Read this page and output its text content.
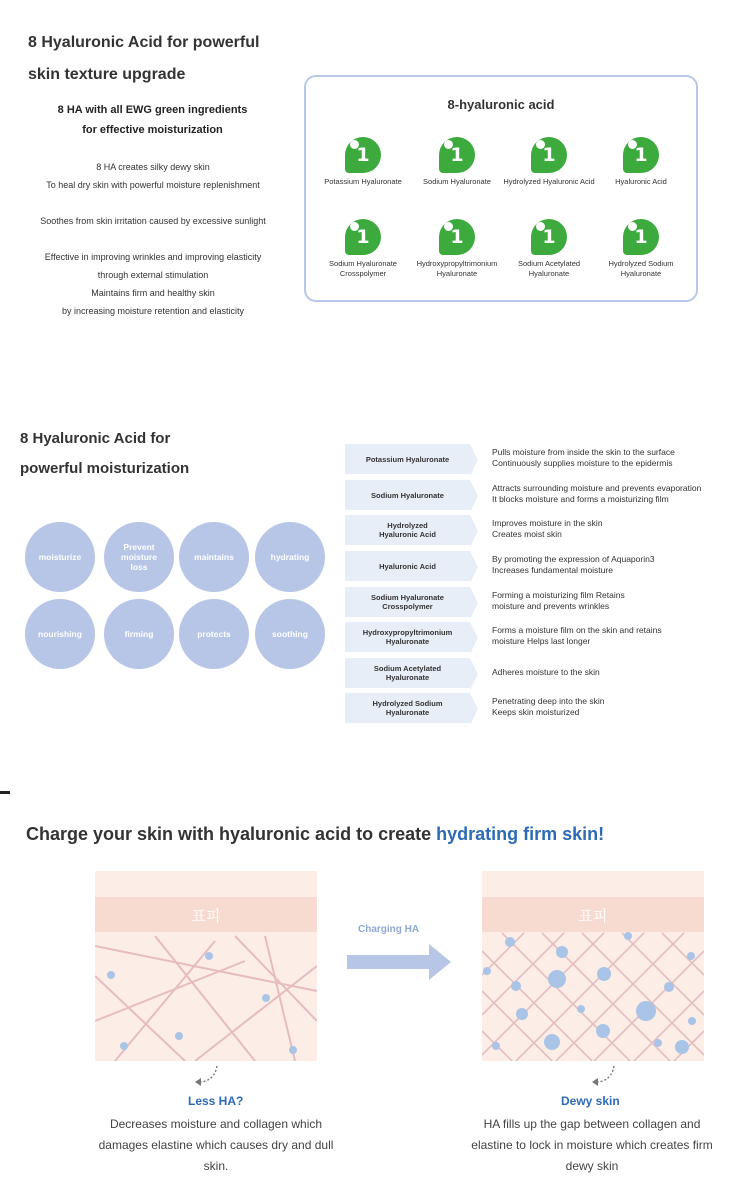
8 Hyaluronic Acid for powerful
skin texture upgrade
8 HA with all EWG green ingredients
for effective moisturization
8 HA creates silky dewy skin
To heal dry skin with powerful moisture replenishment
Soothes from skin irritation caused by excessive sunlight
Effective in improving wrinkles and improving elasticity
through external stimulation
Maintains firm and healthy skin
by increasing moisture retention and elasticity
8-hyaluronic acid
1
Potassium Hyaluronate
1
Sodium Hyaluronate
1
Hydrolyzed Hyaluronic Acid
1
Hyaluronic Acid
1
Sodium Hyaluronate Crosspolymer
1
Hydroxypropyltrimonium Hyaluronate
1
Sodium Acetylated Hyaluronate
1
Hydrolyzed Sodium Hyaluronate
8 Hyaluronic Acid for
powerful moisturization
moisturize
Prevent moisture loss
maintains	hydrating
nourishing	firming	protects	soothing
Potassium Hyaluronate
Pulls moisture from inside the skin to the surface
Continuously supplies moisture to the epidermis
Sodium Hyaluronate
Attracts surrounding moisture and prevents evaporation
It blocks moisture and forms a moisturizing film
Hydrolyzed Hyaluronic Acid
Improves moisture in the skin
Creates moist skin
Hyaluronic Acid
By promoting the expression of Aquaporin3
Increases fundamental moisture
Sodium Hyaluronate Crosspolymer
Forming a moisturizing film Retains
moisture and prevents wrinkles
Hydroxypropyltrimonium Hyaluronate
Forms a moisture film on the skin and retains
moisture Helps last longer
Sodium Acetylated Hyaluronate
Adheres moisture to the skin
Hydrolyzed Sodium Hyaluronate
Penetrating deep into the skin
Keeps skin moisturized
Charge your skin with hyaluronic acid to create hydrating firm skin!
표피
Charging HA
표피
Less HA?
Decreases moisture and collagen which damages elastine which causes dry and dull skin.
Dewy skin
HA fills up the gap between collagen and elastine to lock in moisture which creates firm dewy skin
